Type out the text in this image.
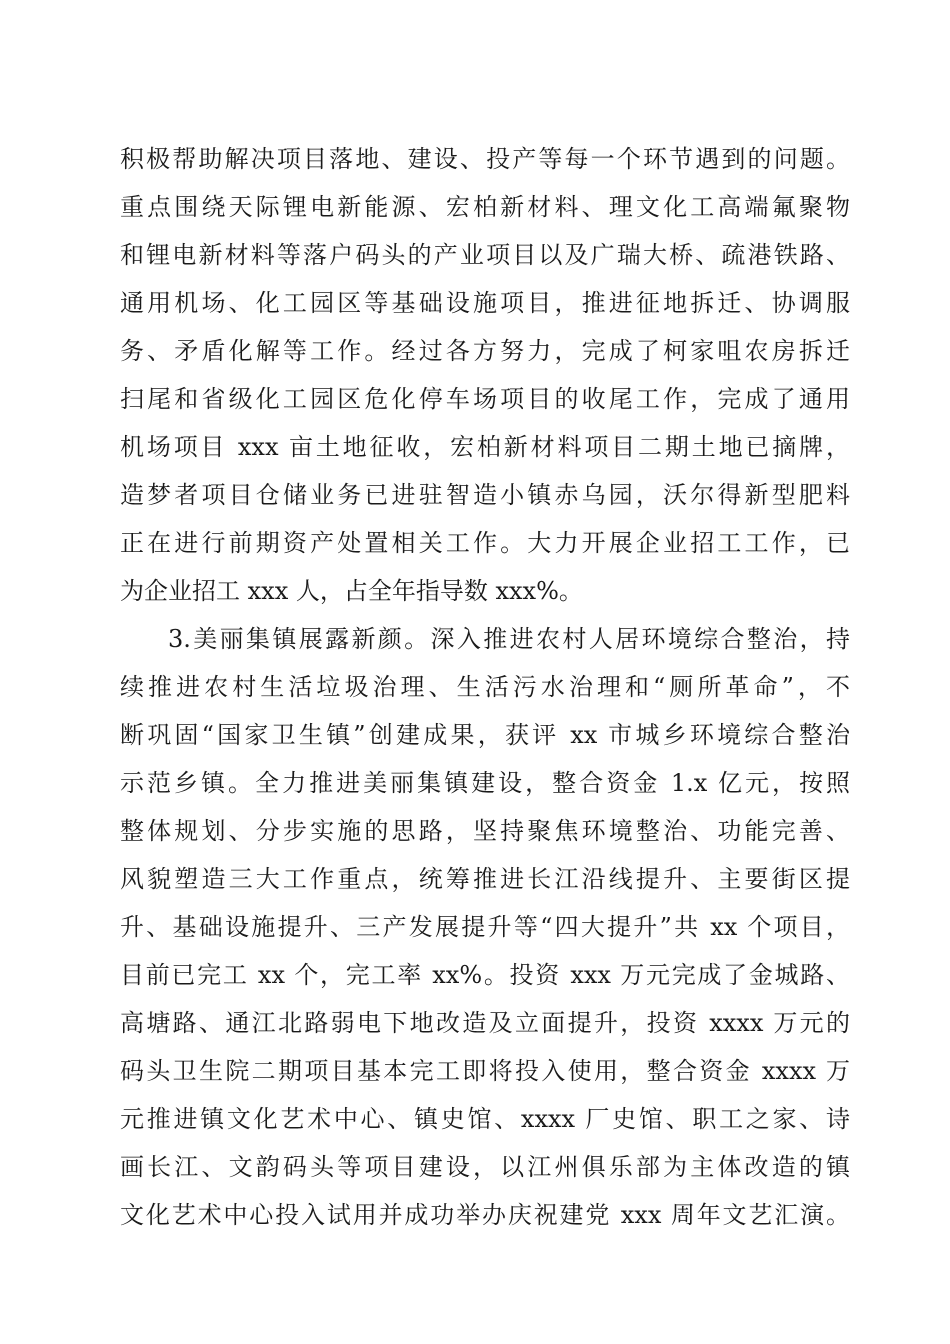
积极帮助解决项目落地、建设、投产等每一个环节遇到的问题。
重点围绕天际锂电新能源、宏柏新材料、理文化工高端氟聚物
和锂电新材料等落户码头的产业项目以及广瑞大桥、疏港铁路、
通用机场、化工园区等基础设施项目，推进征地拆迁、协调服
务、矛盾化解等工作。经过各方努力，完成了柯家咀农房拆迁
扫尾和省级化工园区危化停车场项目的收尾工作，完成了通用
机场项目 xxx 亩土地征收，宏柏新材料项目二期土地已摘牌，
造梦者项目仓储业务已进驻智造小镇赤乌园，沃尔得新型肥料
正在进行前期资产处置相关工作。大力开展企业招工工作，已
为企业招工 xxx 人，占全年指导数 xxx%。
3.美丽集镇展露新颜。深入推进农村人居环境综合整治，持
续推进农村生活垃圾治理、生活污水治理和“厕所革命”，不
断巩固“国家卫生镇”创建成果，获评 xx 市城乡环境综合整治
示范乡镇。全力推进美丽集镇建设，整合资金 1.x 亿元，按照
整体规划、分步实施的思路，坚持聚焦环境整治、功能完善、
风貌塑造三大工作重点，统筹推进长江沿线提升、主要街区提
升、基础设施提升、三产发展提升等“四大提升”共 xx 个项目，
目前已完工 xx 个，完工率 xx%。投资 xxx 万元完成了金城路、
高塘路、通江北路弱电下地改造及立面提升，投资 xxxx 万元的
码头卫生院二期项目基本完工即将投入使用，整合资金 xxxx 万
元推进镇文化艺术中心、镇史馆、xxxx 厂史馆、职工之家、诗
画长江、文韵码头等项目建设，以江州俱乐部为主体改造的镇
文化艺术中心投入试用并成功举办庆祝建党 xxx 周年文艺汇演。
